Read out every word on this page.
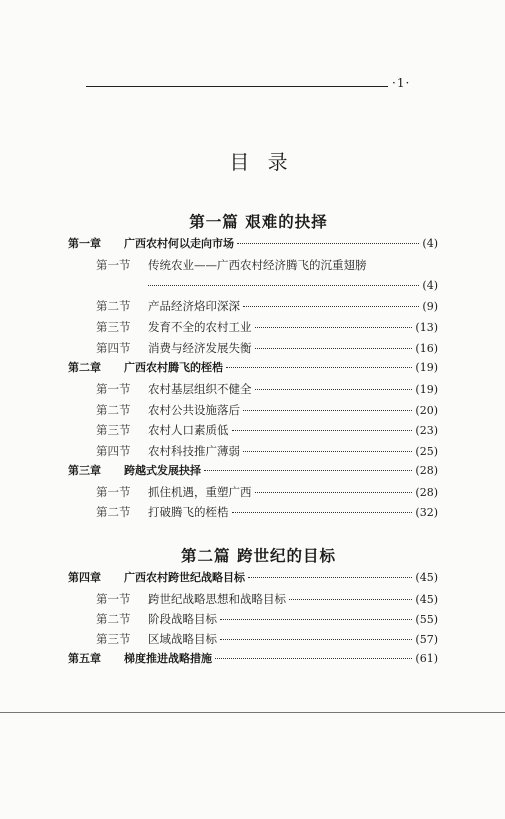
·1·
目 录
第一篇 艰难的抉择
第一章	广西农村何以走向市场	(4)
第一节	传统农业——广西农村经济腾飞的沉重翅膀
(4)
第二节	产品经济烙印深深	(9)
第三节	发育不全的农村工业	(13)
第四节	消费与经济发展失衡	(16)
第二章	广西农村腾飞的桎梏	(19)
第一节	农村基层组织不健全	(19)
第二节	农村公共设施落后	(20)
第三节	农村人口素质低	(23)
第四节	农村科技推广薄弱	(25)
第三章	跨越式发展抉择	(28)
第一节	抓住机遇，重塑广西	(28)
第二节	打破腾飞的桎梏	(32)
第二篇 跨世纪的目标
第四章	广西农村跨世纪战略目标	(45)
第一节	跨世纪战略思想和战略目标	(45)
第二节	阶段战略目标	(55)
第三节	区域战略目标	(57)
第五章	梯度推进战略措施	(61)
